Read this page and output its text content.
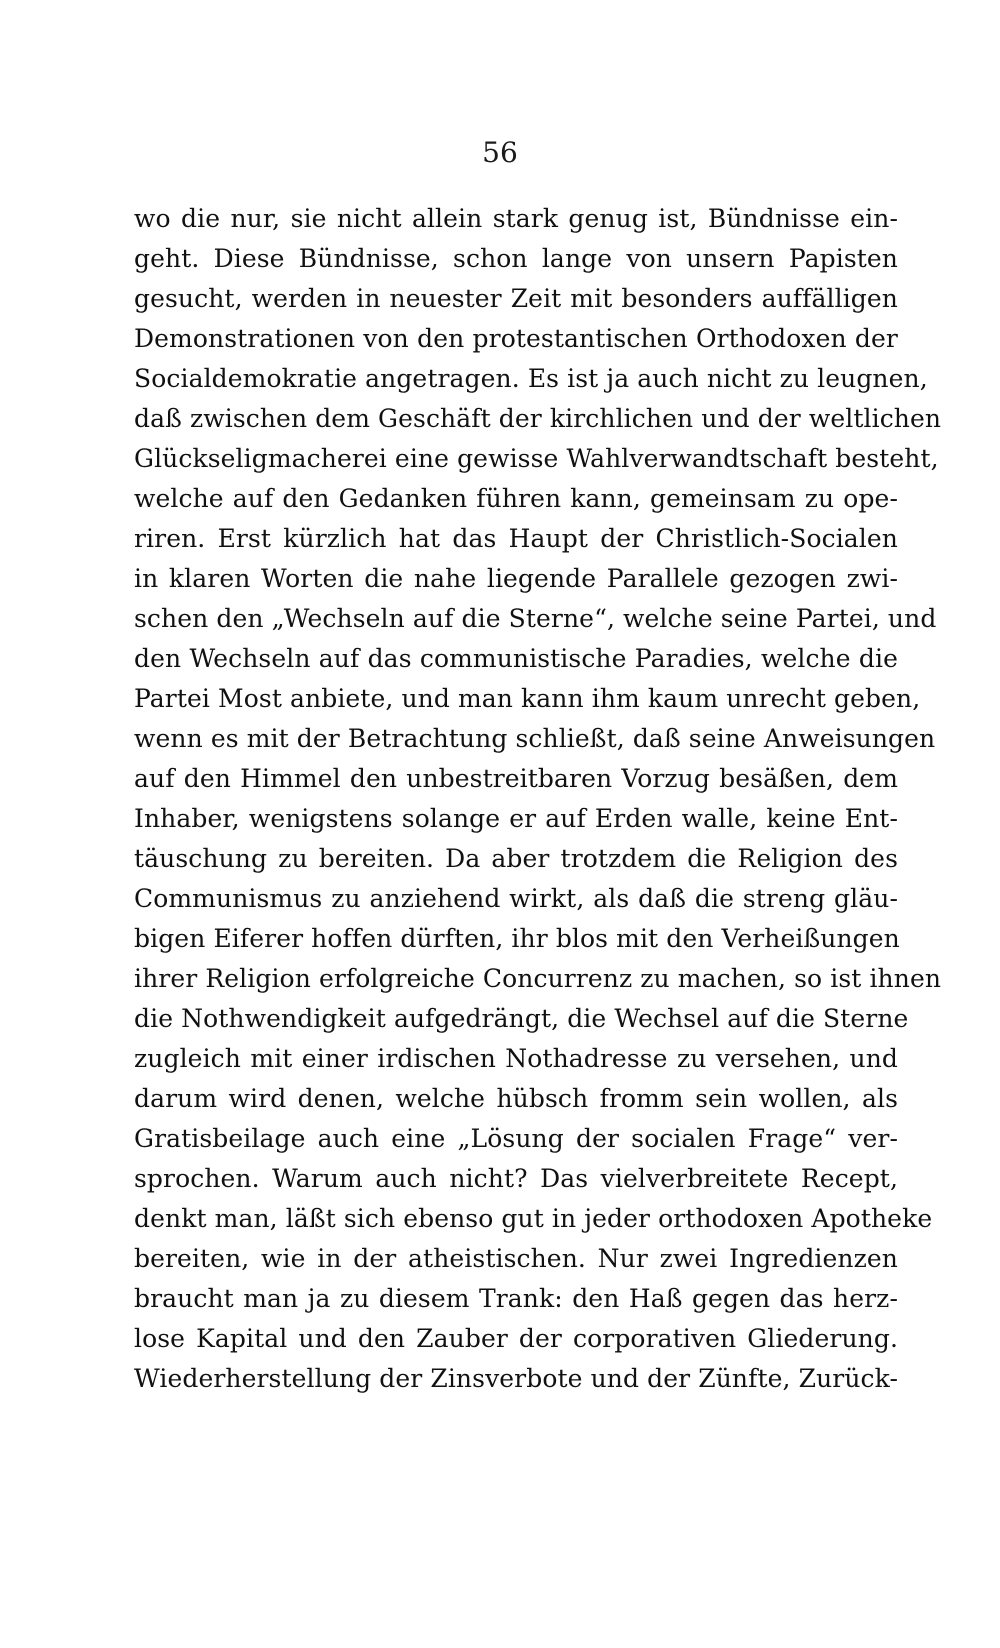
56
wo die nur, sie nicht allein stark genug ist, Bündnisse ein-
geht. Diese Bündnisse, schon lange von unsern Papisten
gesucht, werden in neuester Zeit mit besonders auffälligen
Demonstrationen von den protestantischen Orthodoxen der
Socialdemokratie angetragen. Es ist ja auch nicht zu leugnen,
daß zwischen dem Geschäft der kirchlichen und der weltlichen
Glückseligmacherei eine gewisse Wahlverwandtschaft besteht,
welche auf den Gedanken führen kann, gemeinsam zu ope-
riren. Erst kürzlich hat das Haupt der Christlich-Socialen
in klaren Worten die nahe liegende Parallele gezogen zwi-
schen den „Wechseln auf die Sterne“, welche seine Partei, und
den Wechseln auf das communistische Paradies, welche die
Partei Most anbiete, und man kann ihm kaum unrecht geben,
wenn es mit der Betrachtung schließt, daß seine Anweisungen
auf den Himmel den unbestreitbaren Vorzug besäßen, dem
Inhaber, wenigstens solange er auf Erden walle, keine Ent-
täuschung zu bereiten. Da aber trotzdem die Religion des
Communismus zu anziehend wirkt, als daß die streng gläu-
bigen Eiferer hoffen dürften, ihr blos mit den Verheißungen
ihrer Religion erfolgreiche Concurrenz zu machen, so ist ihnen
die Nothwendigkeit aufgedrängt, die Wechsel auf die Sterne
zugleich mit einer irdischen Nothadresse zu versehen, und
darum wird denen, welche hübsch fromm sein wollen, als
Gratisbeilage auch eine „Lösung der socialen Frage“ ver-
sprochen. Warum auch nicht? Das vielverbreitete Recept,
denkt man, läßt sich ebenso gut in jeder orthodoxen Apotheke
bereiten, wie in der atheistischen. Nur zwei Ingredienzen
braucht man ja zu diesem Trank: den Haß gegen das herz-
lose Kapital und den Zauber der corporativen Gliederung.
Wiederherstellung der Zinsverbote und der Zünfte, Zurück-
